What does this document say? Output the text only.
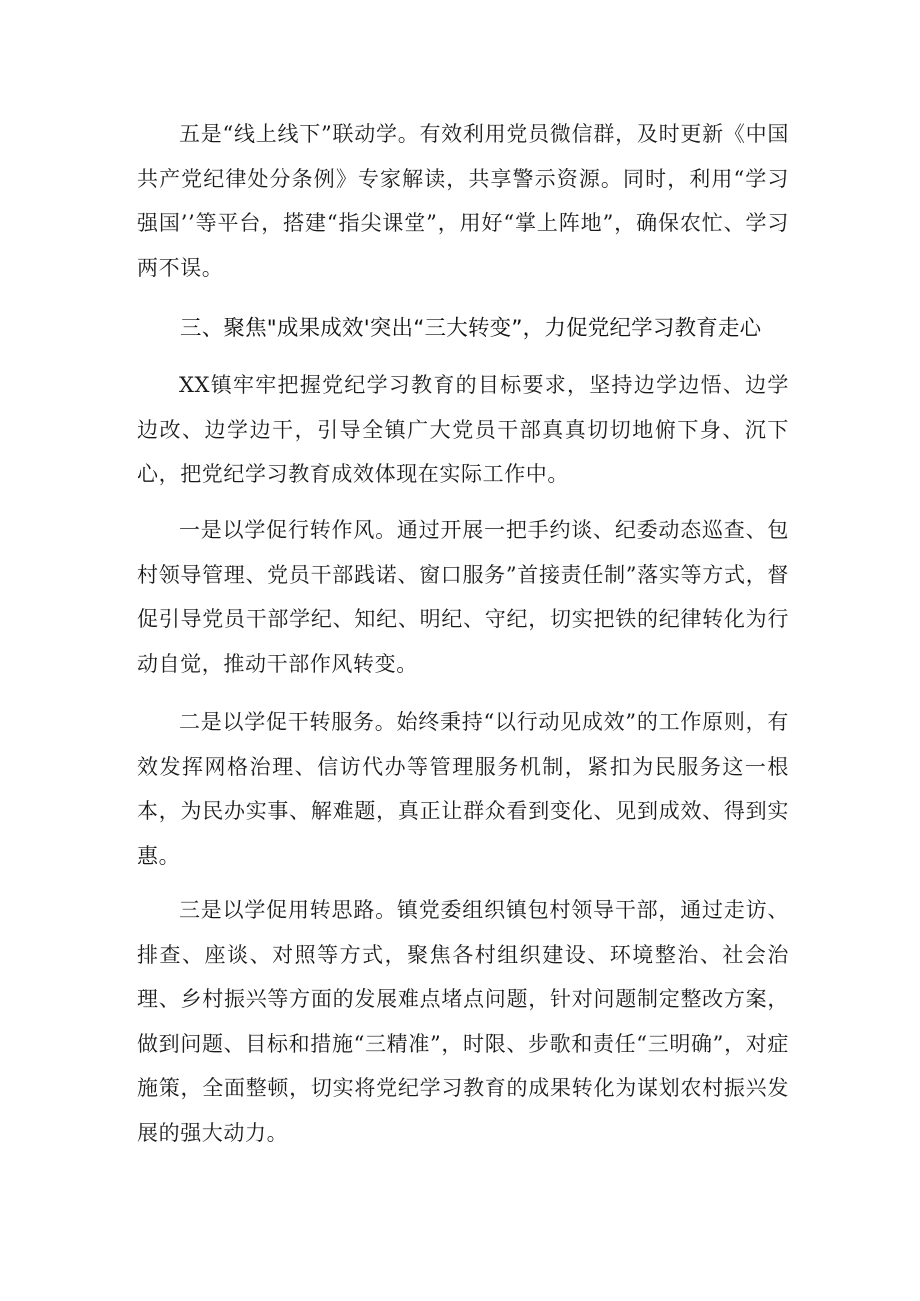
五是“线上线下”联动学。有效利用党员微信群，及时更新《中国共产党纪律处分条例》专家解读，共享警示资源。同时，利用“学习强国’’等平台，搭建“指尖课堂”，用好“掌上阵地”，确保农忙、学习两不误。

三、聚焦"成果成效'突出“三大转变”，力促党纪学习教育走心

XX镇牢牢把握党纪学习教育的目标要求，坚持边学边悟、边学边改、边学边干，引导全镇广大党员干部真真切切地俯下身、沉下心，把党纪学习教育成效体现在实际工作中。

一是以学促行转作风。通过开展一把手约谈、纪委动态巡查、包村领导管理、党员干部践诺、窗口服务”首接责任制”落实等方式，督促引导党员干部学纪、知纪、明纪、守纪，切实把铁的纪律转化为行动自觉，推动干部作风转变。

二是以学促干转服务。始终秉持“以行动见成效”的工作原则，有效发挥网格治理、信访代办等管理服务机制，紧扣为民服务这一根本，为民办实事、解难题，真正让群众看到变化、见到成效、得到实惠。

三是以学促用转思路。镇党委组织镇包村领导干部，通过走访、排查、座谈、对照等方式，聚焦各村组织建设、环境整治、社会治理、乡村振兴等方面的发展难点堵点问题，针对问题制定整改方案，做到问题、目标和措施“三精准”，时限、步歌和责任“三明确”，对症施策，全面整顿，切实将党纪学习教育的成果转化为谋划农村振兴发展的强大动力。
